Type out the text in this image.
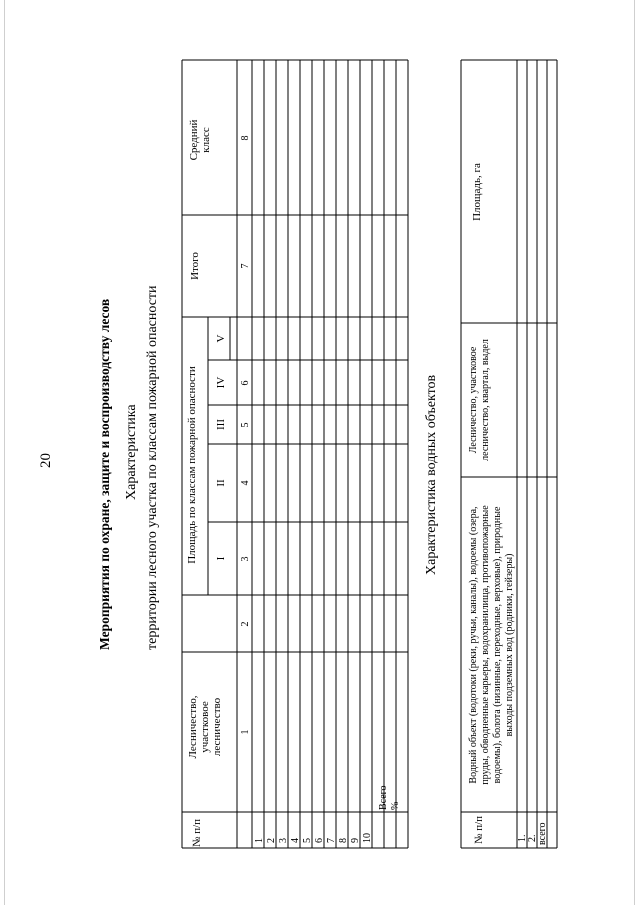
20	Мероприятия по охране, защите и воспроизводству лесов Характеристика территории лесного участка по классам пожарной опасности	Характеристика водных объектов
№ п/п
Лесничество, участковое лесничество
Площадь по классам пожарной опасности I
II
III
IV
V
Итого
Средний класс
1
2
3
4
5
6
7
8
1 2 3 4 5 6 7 8 9 10
Всего %
№ п/п
Водный объект (водотоки (реки, ручьи, каналы), водоемы (озера, пруды, обводненные карьеры, водохранилища, противопожарные водоемы), болота (низинные, переходные, верховые), природные выходы подземных вод (родники, гейзеры)
Лесничество, участковое лесничество, квартал, выдел
Площадь, га
1. 2. всего
